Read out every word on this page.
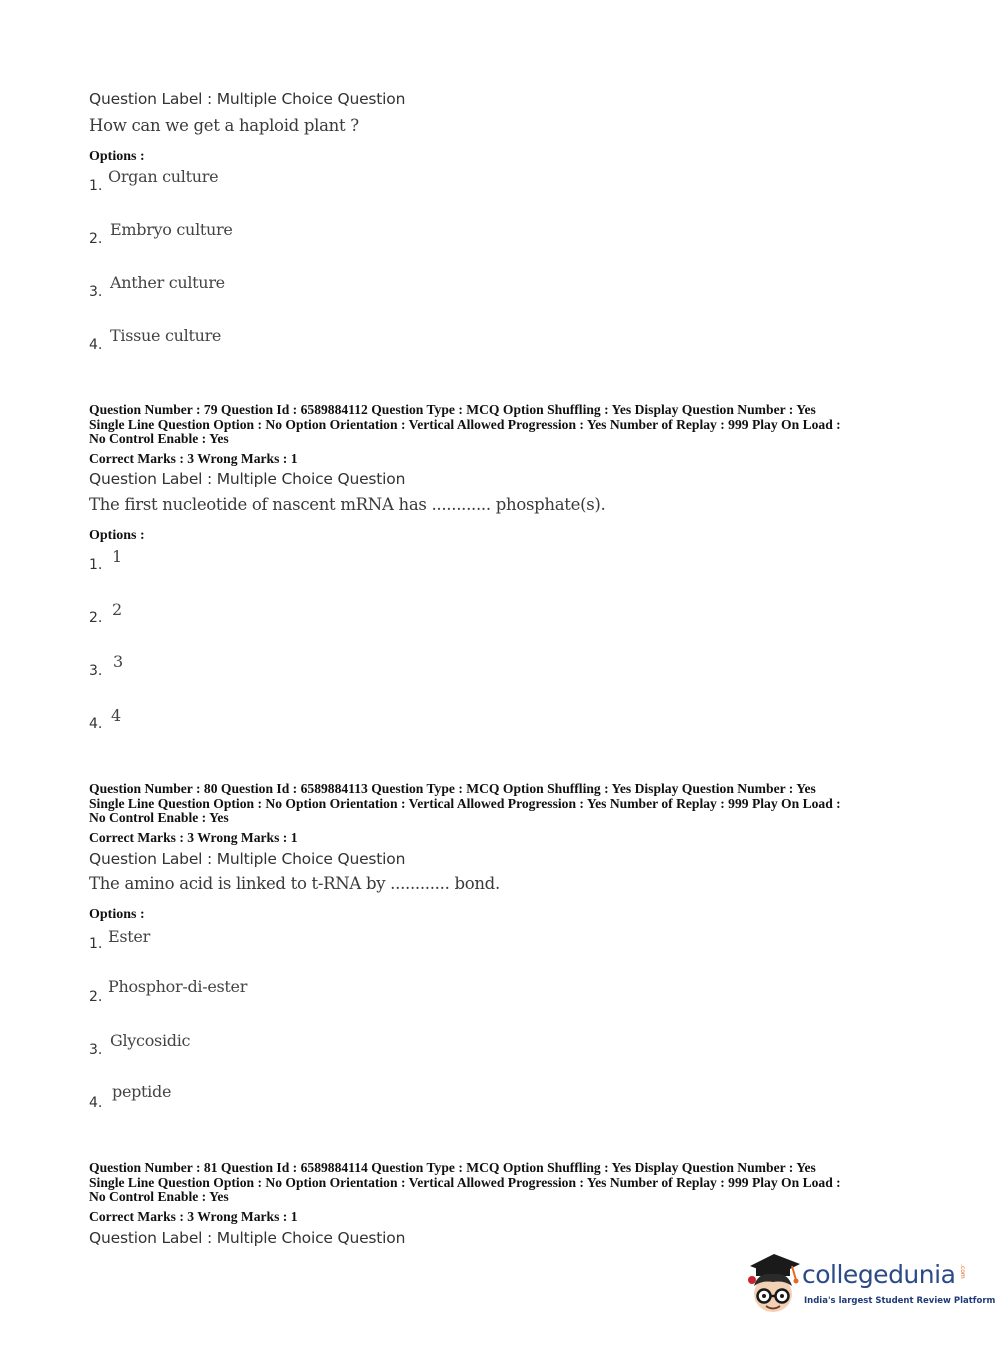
Question Label : Multiple Choice Question
How can we get a haploid plant ?
Options :
1. Organ culture
2. Embryo culture
3. Anther culture
4. Tissue culture
Question Number : 79 Question Id : 6589884112 Question Type : MCQ Option Shuffling : Yes Display Question Number : Yes
Single Line Question Option : No Option Orientation : Vertical Allowed Progression : Yes Number of Replay : 999 Play On Load :
No Control Enable : Yes
Correct Marks : 3 Wrong Marks : 1
Question Label : Multiple Choice Question
The first nucleotide of nascent mRNA has ............ phosphate(s).
Options :
1. 1
2. 2
3. 3
4. 4
Question Number : 80 Question Id : 6589884113 Question Type : MCQ Option Shuffling : Yes Display Question Number : Yes
Single Line Question Option : No Option Orientation : Vertical Allowed Progression : Yes Number of Replay : 999 Play On Load :
No Control Enable : Yes
Correct Marks : 3 Wrong Marks : 1
Question Label : Multiple Choice Question
The amino acid is linked to t-RNA by ............ bond.
Options :
1. Ester
2.
Phosphor-di-ester
3. Glycosidic
4.
peptide
Question Number : 81 Question Id : 6589884114 Question Type : MCQ Option Shuffling : Yes Display Question Number : Yes
Single Line Question Option : No Option Orientation : Vertical Allowed Progression : Yes Number of Replay : 999 Play On Load :
No Control Enable : Yes
Correct Marks : 3 Wrong Marks : 1
Question Label : Multiple Choice Question
collegedunia .com
India's largest Student Review Platform
